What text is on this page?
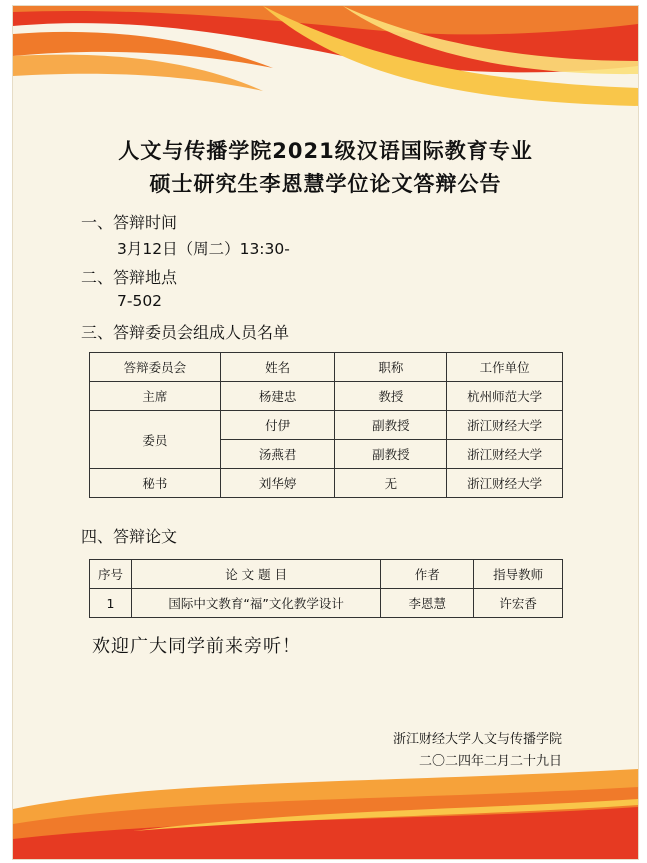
人文与传播学院2021级汉语国际教育专业
硕士研究生李恩慧学位论文答辩公告
一、答辩时间
3月12日（周二）13:30-
二、答辩地点
7-502
三、答辩委员会组成人员名单
答辩委员会	姓名	职称	工作单位
主席	杨建忠	教授	杭州师范大学
委员	付伊	副教授	浙江财经大学
	汤燕君	副教授	浙江财经大学
秘书	刘华婷	无	浙江财经大学
四、答辩论文
序号	论 文 题 目	作者	指导教师
1	国际中文教育“福”文化教学设计	李恩慧	许宏香
欢迎广大同学前来旁听！
浙江财经大学人文与传播学院
二〇二四年二月二十九日
